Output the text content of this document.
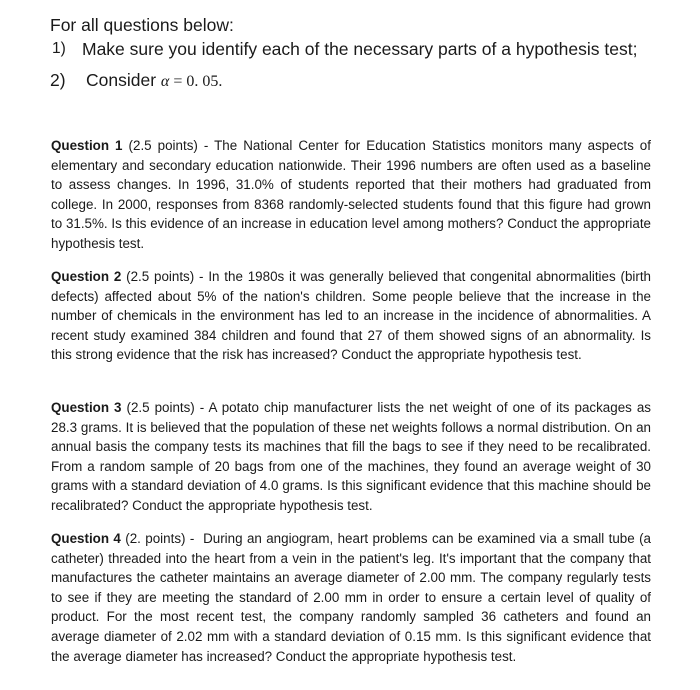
For all questions below:

1) Make sure you identify each of the necessary parts of a hypothesis test;
2) Consider α = 0. 05.

Question 1 (2.5 points) - The National Center for Education Statistics monitors many aspects of elementary and secondary education nationwide. Their 1996 numbers are often used as a baseline to assess changes. In 1996, 31.0% of students reported that their mothers had graduated from college. In 2000, responses from 8368 randomly-selected students found that this figure had grown to 31.5%. Is this evidence of an increase in education level among mothers? Conduct the appropriate hypothesis test.

Question 2 (2.5 points) - In the 1980s it was generally believed that congenital abnormalities (birth defects) affected about 5% of the nation's children. Some people believe that the increase in the number of chemicals in the environment has led to an increase in the incidence of abnormalities. A recent study examined 384 children and found that 27 of them showed signs of an abnormality. Is this strong evidence that the risk has increased? Conduct the appropriate hypothesis test.

Question 3 (2.5 points) - A potato chip manufacturer lists the net weight of one of its packages as 28.3 grams. It is believed that the population of these net weights follows a normal distribution. On an annual basis the company tests its machines that fill the bags to see if they need to be recalibrated. From a random sample of 20 bags from one of the machines, they found an average weight of 30 grams with a standard deviation of 4.0 grams. Is this significant evidence that this machine should be recalibrated? Conduct the appropriate hypothesis test.

Question 4 (2. points) -  During an angiogram, heart problems can be examined via a small tube (a catheter) threaded into the heart from a vein in the patient's leg. It's important that the company that manufactures the catheter maintains an average diameter of 2.00 mm. The company regularly tests to see if they are meeting the standard of 2.00 mm in order to ensure a certain level of quality of product. For the most recent test, the company randomly sampled 36 catheters and found an average diameter of 2.02 mm with a standard deviation of 0.15 mm. Is this significant evidence that the average diameter has increased? Conduct the appropriate hypothesis test.
